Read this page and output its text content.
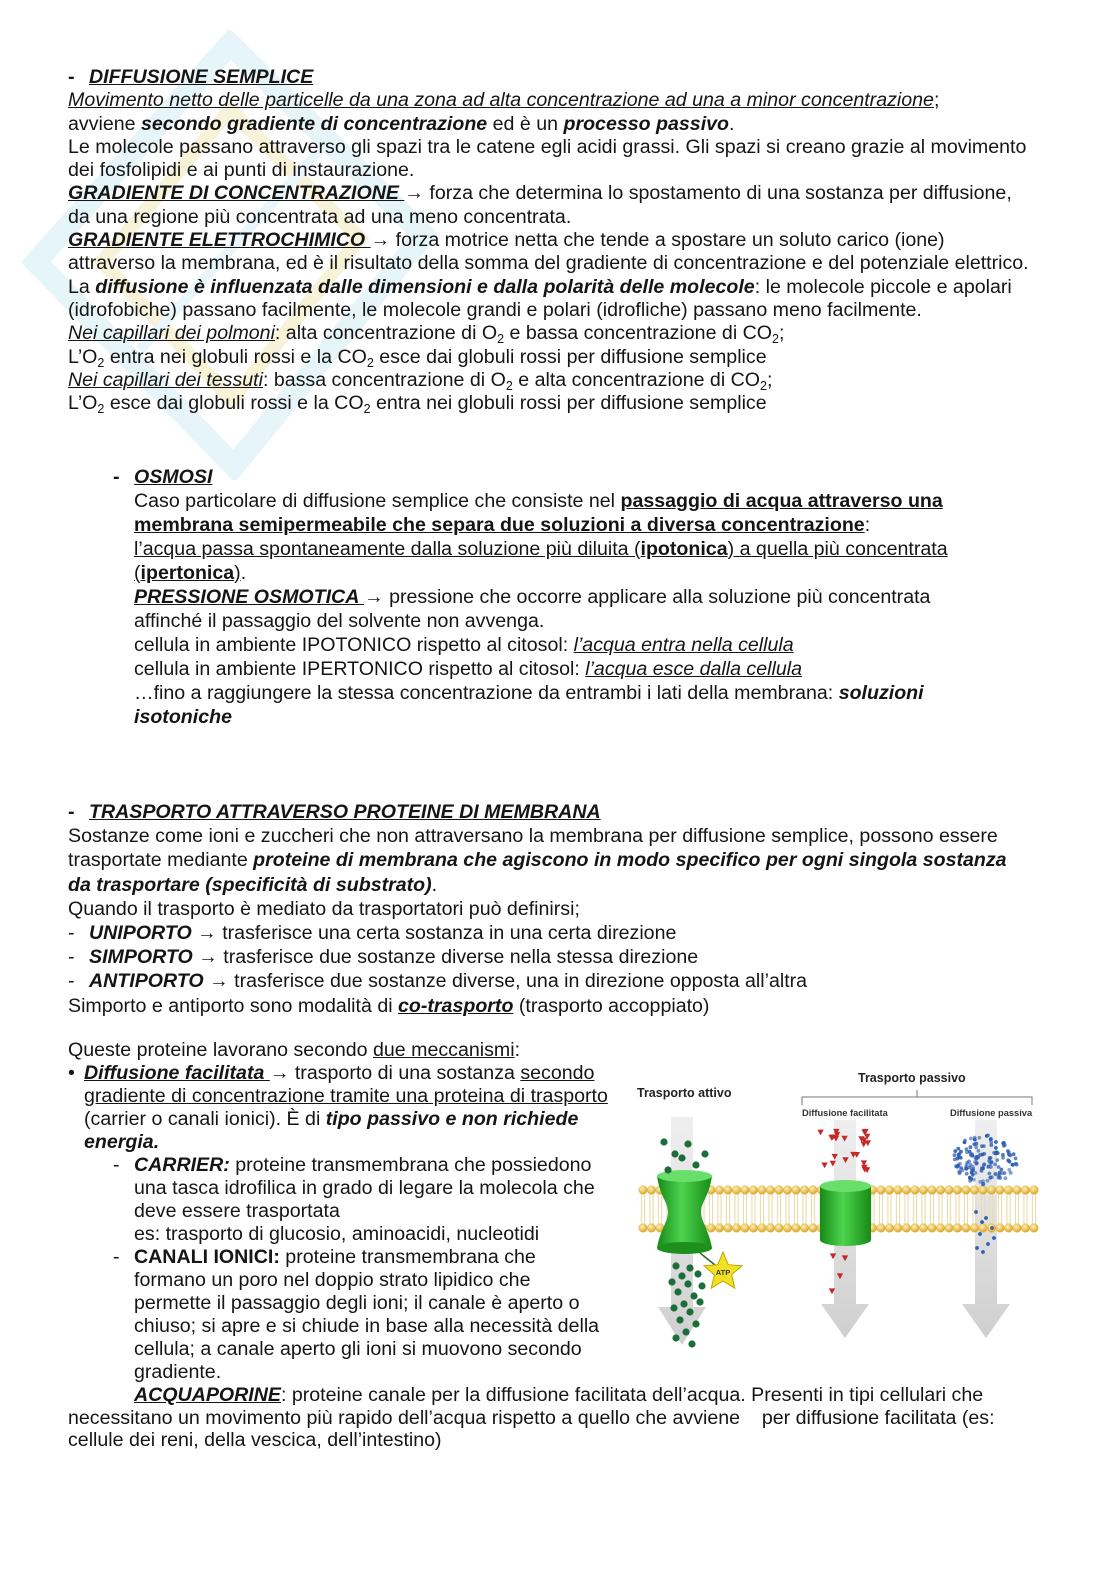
- DIFFUSIONE SEMPLICE

Movimento netto delle particelle da una zona ad alta concentrazione ad una a minor concentrazione;

avviene secondo gradiente di concentrazione ed è un processo passivo.

Le molecole passano attraverso gli spazi tra le catene egli acidi grassi. Gli spazi si creano grazie al movimento dei fosfolipidi e ai punti di instaurazione.

GRADIENTE DI CONCENTRAZIONE → forza che determina lo spostamento di una sostanza per diffusione, da una regione più concentrata ad una meno concentrata.

GRADIENTE ELETTROCHIMICO → forza motrice netta che tende a spostare un soluto carico (ione) attraverso la membrana, ed è il risultato della somma del gradiente di concentrazione e del potenziale elettrico.

La diffusione è influenzata dalle dimensioni e dalla polarità delle molecole: le molecole piccole e apolari (idrofobiche) passano facilmente, le molecole grandi e polari (idrofliche) passano meno facilmente.

Nei capillari dei polmoni: alta concentrazione di $O_2$ e bassa concentrazione di $CO_2$;

$L’O_2$ entra nei globuli rossi e la $CO_2$ esce dai globuli rossi per diffusione semplice

Nei capillari dei tessuti: bassa concentrazione di $O_2$ e alta concentrazione di $CO_2$;

$L’O_2$ esce dai globuli rossi e la $CO_2$ entra nei globuli rossi per diffusione semplice

- OSMOSI

Caso particolare di diffusione semplice che consiste nel passaggio di acqua attraverso una membrana semipermeabile che separa due soluzioni a diversa concentrazione:

l’acqua passa spontaneamente dalla soluzione più diluita (ipotonica) a quella più concentrata (ipertonica).

PRESSIONE OSMOTICA → pressione che occorre applicare alla soluzione più concentrata affinché il passaggio del solvente non avvenga.

cellula in ambiente IPOTONICO rispetto al citosol: l’acqua entra nella cellula

cellula in ambiente IPERTONICO rispetto al citosol: l’acqua esce dalla cellula

…fino a raggiungere la stessa concentrazione da entrambi i lati della membrana: soluzioni isotoniche

- TRASPORTO ATTRAVERSO PROTEINE DI MEMBRANA

Sostanze come ioni e zuccheri che non attraversano la membrana per diffusione semplice, possono essere trasportate mediante proteine di membrana che agiscono in modo specifico per ogni singola sostanza da trasportare (specificità di substrato).

Quando il trasporto è mediato da trasportatori può definirsi;

- UNIPORTO → trasferisce una certa sostanza in una certa direzione

- SIMPORTO → trasferisce due sostanze diverse nella stessa direzione

- ANTIPORTO → trasferisce due sostanze diverse, una in direzione opposta all’altra

Simporto e antiporto sono modalità di co-trasporto (trasporto accoppiato)

Queste proteine lavorano secondo due meccanismi:

• Diffusione facilitata → trasporto di una sostanza secondo gradiente di concentrazione tramite una proteina di trasporto (carrier o canali ionici). È di tipo passivo e non richiede energia.

- CARRIER: proteine transmembrana che possiedono una tasca idrofilica in grado di legare la molecola che deve essere trasportata

es: trasporto di glucosio, aminoacidi, nucleotidi

- CANALI IONICI: proteine transmembrana che formano un poro nel doppio strato lipidico che permette il passaggio degli ioni; il canale è aperto o chiuso; si apre e si chiude in base alla necessità della cellula; a canale aperto gli ioni si muovono secondo gradiente.

ACQUAPORINE: proteine canale per la diffusione facilitata dell’acqua. Presenti in tipi cellulari che necessitano un movimento più rapido dell’acqua rispetto a quello che avviene    per diffusione facilitata (es: cellule dei reni, della vescica, dell’intestino)

Trasporto attivo
Trasporto passivo
Diffusione facilitata	Diffusione passiva
ATP
